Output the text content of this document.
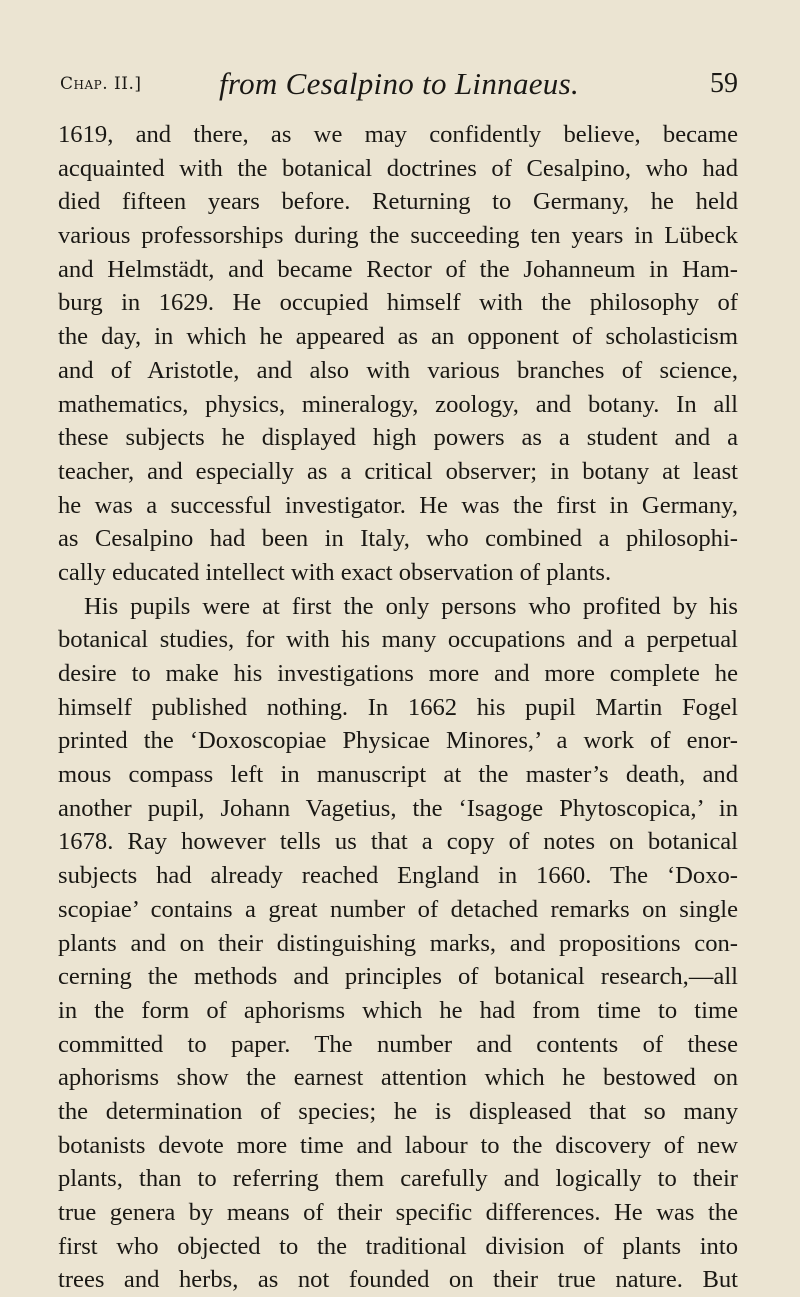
Chap. II.]	from Cesalpino to Linnaeus.	59
1619, and there, as we may confidently believe, became
acquainted with the botanical doctrines of Cesalpino, who had
died fifteen years before. Returning to Germany, he held
various professorships during the succeeding ten years in Lübeck
and Helmstädt, and became Rector of the Johanneum in Ham-
burg in 1629. He occupied himself with the philosophy of
the day, in which he appeared as an opponent of scholasticism
and of Aristotle, and also with various branches of science,
mathematics, physics, mineralogy, zoology, and botany. In all
these subjects he displayed high powers as a student and a
teacher, and especially as a critical observer; in botany at least
he was a successful investigator. He was the first in Germany,
as Cesalpino had been in Italy, who combined a philosophi-
cally educated intellect with exact observation of plants.
His pupils were at first the only persons who profited by his
botanical studies, for with his many occupations and a perpetual
desire to make his investigations more and more complete he
himself published nothing. In 1662 his pupil Martin Fogel
printed the ‘Doxoscopiae Physicae Minores,’ a work of enor-
mous compass left in manuscript at the master’s death, and
another pupil, Johann Vagetius, the ‘Isagoge Phytoscopica,’ in
1678. Ray however tells us that a copy of notes on botanical
subjects had already reached England in 1660. The ‘Doxo-
scopiae’ contains a great number of detached remarks on single
plants and on their distinguishing marks, and propositions con-
cerning the methods and principles of botanical research,—all
in the form of aphorisms which he had from time to time
committed to paper. The number and contents of these
aphorisms show the earnest attention which he bestowed on
the determination of species; he is displeased that so many
botanists devote more time and labour to the discovery of new
plants, than to referring them carefully and logically to their
true genera by means of their specific differences. He was the
first who objected to the traditional division of plants into
trees and herbs, as not founded on their true nature. But
